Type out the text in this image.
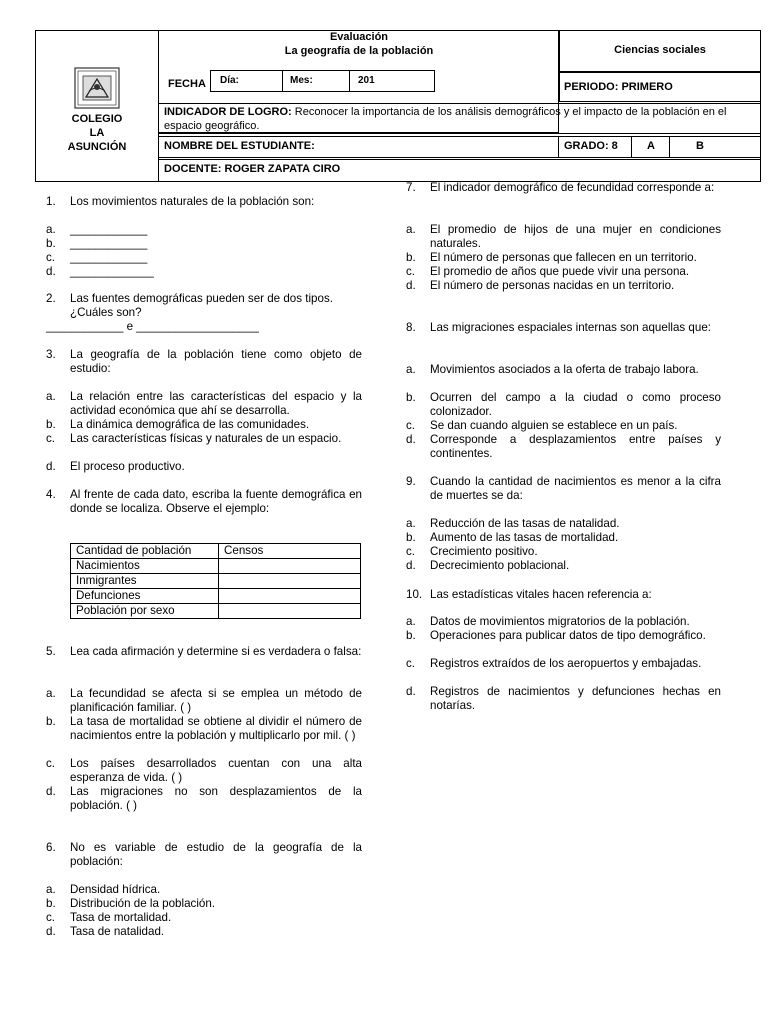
COLEGIO
LA
ASUNCIÓN
Evaluación
La geografía de la población
FECHA Día:	Mes:	201
Ciencias sociales
PERIODO: PRIMERO
INDICADOR DE LOGRO: Reconocer la importancia de los análisis demográficos y el impacto de la población en el espacio geográfico.
NOMBRE DEL ESTUDIANTE:	GRADO: 8	A	B
DOCENTE: ROGER ZAPATA CIRO
1. Los movimientos naturales de la población son:
a. ____________
b. ____________
c. ____________
d. _____________
2. Las fuentes demográficas pueden ser de dos tipos.
¿Cuáles son?
____________ e ___________________
3. La geografía de la población tiene como objeto de estudio:
a. La relación entre las características del espacio y la actividad económica que ahí se desarrolla.
b. La dinámica demográfica de las comunidades.
c. Las características físicas y naturales de un espacio.
d. El proceso productivo.
4. Al frente de cada dato, escriba la fuente demográfica en donde se localiza. Observe el ejemplo:
Cantidad de población	Censos
Nacimientos	
Inmigrantes	
Defunciones	
Población por sexo	
5. Lea cada afirmación y determine si es verdadera o falsa:
a. La fecundidad se afecta si se emplea un método de planificación familiar. ( )
b. La tasa de mortalidad se obtiene al dividir el número de nacimientos entre la población y multiplicarlo por mil. ( )
c. Los países desarrollados cuentan con una alta esperanza de vida. ( )
d. Las migraciones no son desplazamientos de la población. ( )
6. No es variable de estudio de la geografía de la población:
a. Densidad hídrica.
b. Distribución de la población.
c. Tasa de mortalidad.
d. Tasa de natalidad.
7. El indicador demográfico de fecundidad corresponde a:
a. El promedio de hijos de una mujer en condiciones naturales.
b. El número de personas que fallecen en un territorio.
c. El promedio de años que puede vivir una persona.
d. El número de personas nacidas en un territorio.
8. Las migraciones espaciales internas son aquellas que:
a. Movimientos asociados a la oferta de trabajo labora.
b. Ocurren del campo a la ciudad o como proceso colonizador.
c. Se dan cuando alguien se establece en un país.
d. Corresponde a desplazamientos entre países y continentes.
9. Cuando la cantidad de nacimientos es menor a la cifra de muertes se da:
a. Reducción de las tasas de natalidad.
b. Aumento de las tasas de mortalidad.
c. Crecimiento positivo.
d. Decrecimiento poblacional.
10. Las estadísticas vitales hacen referencia a:
a. Datos de movimientos migratorios de la población.
b. Operaciones para publicar datos de tipo demográfico.
c. Registros extraídos de los aeropuertos y embajadas.
d. Registros de nacimientos y defunciones hechas en notarías.
